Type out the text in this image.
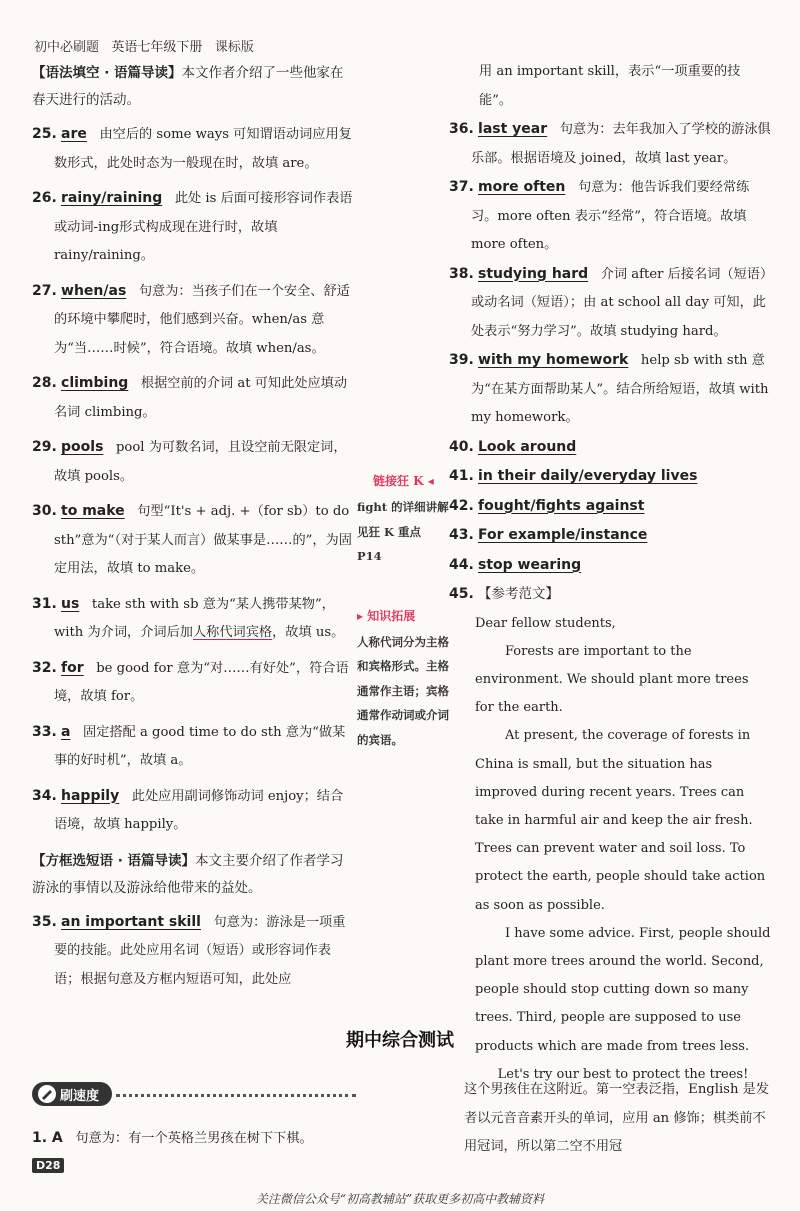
初中必刷题 英语七年级下册 课标版

【语法填空 · 语篇导读】本文作者介绍了一些他家在春天进行的活动。

25. are 由空后的 some ways 可知谓语动词应用复数形式，此处时态为一般现在时，故填 are。

26. rainy/raining 此处 is 后面可接形容词作表语或动词-ing形式构成现在进行时，故填 rainy/raining。

27. when/as 句意为：当孩子们在一个安全、舒适的环境中攀爬时，他们感到兴奋。when/as 意为“当……时候”，符合语境。故填 when/as。

28. climbing 根据空前的介词 at 可知此处应填动名词 climbing。

29. pools pool 为可数名词，且设空前无限定词，故填 pools。

30. to make 句型“It's + adj. +（for sb）to do sth”意为“（对于某人而言）做某事是……的”，为固定用法，故填 to make。

31. us take sth with sb 意为“某人携带某物”，with 为介词，介词后加人称代词宾格，故填 us。

32. for be good for 意为“对……有好处”，符合语境，故填 for。

33. a 固定搭配 a good time to do sth 意为“做某事的好时机”，故填 a。

34. happily 此处应用副词修饰动词 enjoy；结合语境，故填 happily。

【方框选短语 · 语篇导读】本文主要介绍了作者学习游泳的事情以及游泳给他带来的益处。

35. an important skill 句意为：游泳是一项重要的技能。此处应用名词（短语）或形容词作表语；根据句意及方框内短语可知，此处应

链接狂 K ◂

fight 的详细讲解见狂 K 重点 P14

▸ 知识拓展

人称代词分为主格和宾格形式。主格通常作主语；宾格通常作动词或介词的宾语。

用 an important skill，表示“一项重要的技能”。

36. last year 句意为：去年我加入了学校的游泳俱乐部。根据语境及 joined，故填 last year。

37. more often 句意为：他告诉我们要经常练习。more often 表示“经常”，符合语境。故填 more often。

38. studying hard 介词 after 后接名词（短语）或动名词（短语）；由 at school all day 可知，此处表示“努力学习”。故填 studying hard。

39. with my homework help sb with sth 意为“在某方面帮助某人”。结合所给短语，故填 with my homework。

40. Look around

41. in their daily/everyday lives

42. fought/fights against

43. For example/instance

44. stop wearing

45. 【参考范文】

Dear fellow students,

Forests are important to the environment. We should plant more trees for the earth.

At present, the coverage of forests in China is small, but the situation has improved during recent years. Trees can take in harmful air and keep the air fresh. Trees can prevent water and soil loss. To protect the earth, people should take action as soon as possible.

I have some advice. First, people should plant more trees around the world. Second, people should stop cutting down so many trees. Third, people are supposed to use products which are made from trees less.

Let's try our best to protect the trees!

期中综合测试
刷速度

1. A 句意为：有一个英格兰男孩在树下下棋。

这个男孩住在这附近。第一空表泛指，English 是发者以元音音素开头的单词，应用 an 修饰；棋类前不用冠词，所以第二空不用冠

D28
关注微信公众号“初高教辅站”获取更多初高中教辅资料
